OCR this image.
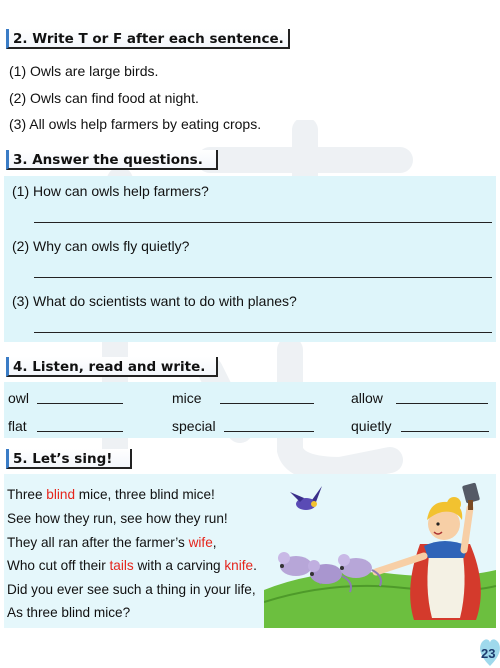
2. Write T or F after each sentence.
(1) Owls are large birds.
(2) Owls can find food at night.
(3) All owls help farmers by eating crops.
3. Answer the questions.
(1) How can owls help farmers?
(2) Why can owls fly quietly?
(3) What do scientists want to do with planes?
4. Listen, read and write.
owl	mice	allow
flat	special	quietly
5. Let’s sing!
Three blind mice, three blind mice!
See how they run, see how they run!
They all ran after the farmer’s wife,
Who cut off their tails with a carving knife.
Did you ever see such a thing in your life,
As three blind mice?
23
